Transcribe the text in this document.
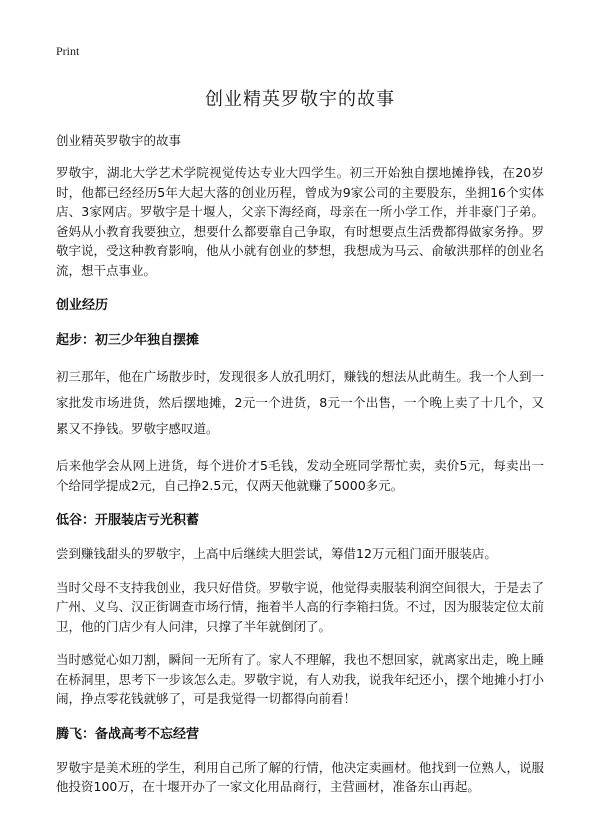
Print
创业精英罗敬宇的故事
创业精英罗敬宇的故事

罗敬宇，湖北大学艺术学院视觉传达专业大四学生。初三开始独自摆地摊挣钱，在20岁时，他都已经经历5年大起大落的创业历程，曾成为9家公司的主要股东，坐拥16个实体店、3家网店。罗敬宇是十堰人，父亲下海经商，母亲在一所小学工作，并非豪门子弟。爸妈从小教育我要独立，想要什么都要靠自己争取，有时想要点生活费都得做家务挣。罗敬宇说，受这种教育影响，他从小就有创业的梦想，我想成为马云、俞敏洪那样的创业名流，想干点事业。

创业经历
起步：初三少年独自摆摊

初三那年，他在广场散步时，发现很多人放孔明灯，赚钱的想法从此萌生。我一个人到一家批发市场进货，然后摆地摊，2元一个进货，8元一个出售，一个晚上卖了十几个，又累又不挣钱。罗敬宇感叹道。

后来他学会从网上进货，每个进价才5毛钱，发动全班同学帮忙卖，卖价5元，每卖出一个给同学提成2元，自己挣2.5元，仅两天他就赚了5000多元。

低谷：开服装店亏光积蓄

尝到赚钱甜头的罗敬宇，上高中后继续大胆尝试，筹借12万元租门面开服装店。

当时父母不支持我创业，我只好借贷。罗敬宇说，他觉得卖服装利润空间很大，于是去了广州、义乌、汉正街调查市场行情，拖着半人高的行李箱扫货。不过，因为服装定位太前卫，他的门店少有人问津，只撑了半年就倒闭了。

当时感觉心如刀割，瞬间一无所有了。家人不理解，我也不想回家，就离家出走，晚上睡在桥洞里，思考下一步该怎么走。罗敬宇说，有人劝我，说我年纪还小，摆个地摊小打小闹，挣点零花钱就够了，可是我觉得一切都得向前看！

腾飞：备战高考不忘经营

罗敬宇是美术班的学生，利用自己所了解的行情，他决定卖画材。他找到一位熟人，说服他投资100万，在十堰开办了一家文化用品商行，主营画材，准备东山再起。
